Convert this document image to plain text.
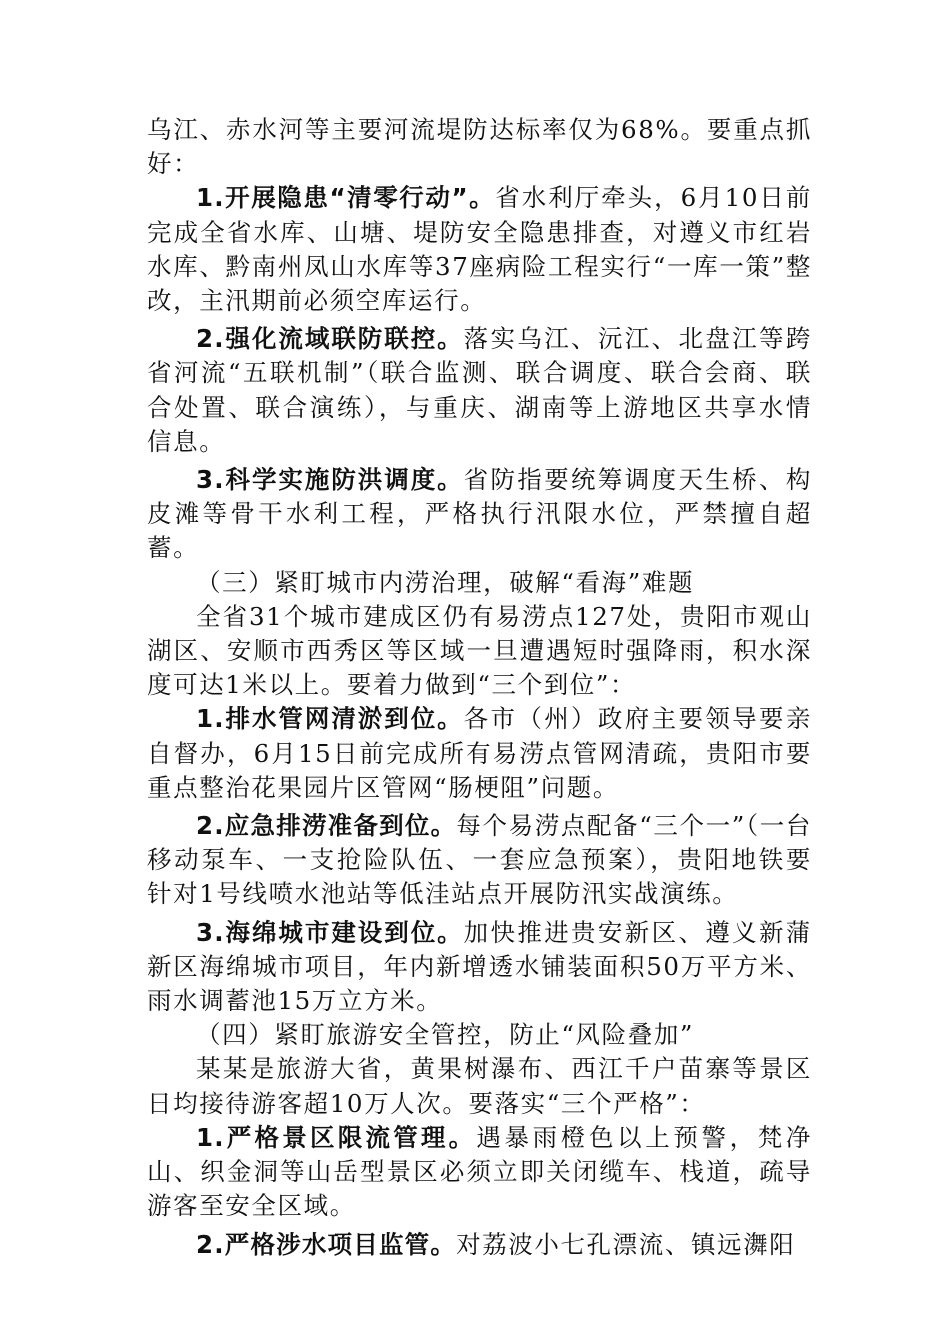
乌江、赤水河等主要河流堤防达标率仅为68%。要重点抓好：

1.开展隐患“清零行动”。省水利厅牵头，6月10日前完成全省水库、山塘、堤防安全隐患排查，对遵义市红岩水库、黔南州凤山水库等37座病险工程实行“一库一策”整改，主汛期前必须空库运行。

2.强化流域联防联控。落实乌江、沅江、北盘江等跨省河流“五联机制”（联合监测、联合调度、联合会商、联合处置、联合演练），与重庆、湖南等上游地区共享水情信息。

3.科学实施防洪调度。省防指要统筹调度天生桥、构皮滩等骨干水利工程，严格执行汛限水位，严禁擅自超蓄。

（三）紧盯城市内涝治理，破解“看海”难题

全省31个城市建成区仍有易涝点127处，贵阳市观山湖区、安顺市西秀区等区域一旦遭遇短时强降雨，积水深度可达1米以上。要着力做到“三个到位”：

1.排水管网清淤到位。各市（州）政府主要领导要亲自督办，6月15日前完成所有易涝点管网清疏，贵阳市要重点整治花果园片区管网“肠梗阻”问题。

2.应急排涝准备到位。每个易涝点配备“三个一”（一台移动泵车、一支抢险队伍、一套应急预案），贵阳地铁要针对1号线喷水池站等低洼站点开展防汛实战演练。

3.海绵城市建设到位。加快推进贵安新区、遵义新蒲新区海绵城市项目，年内新增透水铺装面积50万平方米、雨水调蓄池15万立方米。

（四）紧盯旅游安全管控，防止“风险叠加”

某某是旅游大省，黄果树瀑布、西江千户苗寨等景区日均接待游客超10万人次。要落实“三个严格”：

1.严格景区限流管理。遇暴雨橙色以上预警，梵净山、织金洞等山岳型景区必须立即关闭缆车、栈道，疏导游客至安全区域。

2.严格涉水项目监管。对荔波小七孔漂流、镇远㵲阳
